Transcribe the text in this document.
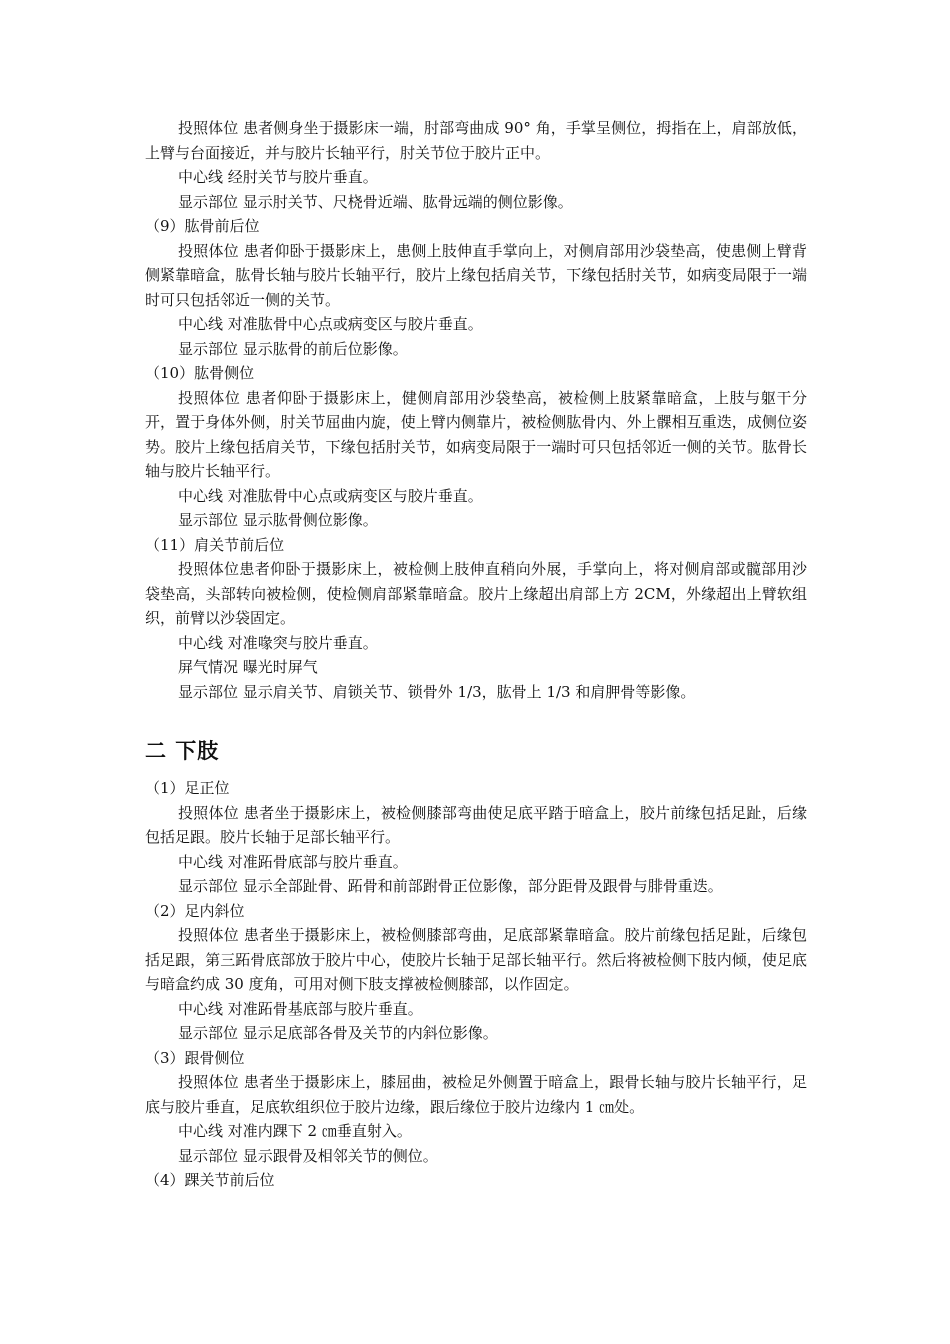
投照体位 患者侧身坐于摄影床一端，肘部弯曲成 90° 角，手掌呈侧位，拇指在上，肩部放低，上臂与台面接近，并与胶片长轴平行，肘关节位于胶片正中。

中心线 经肘关节与胶片垂直。

显示部位 显示肘关节、尺桡骨近端、肱骨远端的侧位影像。

（9）肱骨前后位

投照体位 患者仰卧于摄影床上，患侧上肢伸直手掌向上，对侧肩部用沙袋垫高，使患侧上臂背侧紧靠暗盒，肱骨长轴与胶片长轴平行，胶片上缘包括肩关节，下缘包括肘关节，如病变局限于一端时可只包括邻近一侧的关节。

中心线 对准肱骨中心点或病变区与胶片垂直。

显示部位 显示肱骨的前后位影像。

（10）肱骨侧位

投照体位 患者仰卧于摄影床上，健侧肩部用沙袋垫高，被检侧上肢紧靠暗盒，上肢与躯干分开，置于身体外侧，肘关节屈曲内旋，使上臂内侧靠片，被检侧肱骨内、外上髁相互重迭，成侧位姿势。胶片上缘包括肩关节，下缘包括肘关节，如病变局限于一端时可只包括邻近一侧的关节。肱骨长轴与胶片长轴平行。

中心线 对准肱骨中心点或病变区与胶片垂直。

显示部位 显示肱骨侧位影像。

（11）肩关节前后位

投照体位患者仰卧于摄影床上，被检侧上肢伸直稍向外展，手掌向上，将对侧肩部或髋部用沙袋垫高，头部转向被检侧，使检侧肩部紧靠暗盒。胶片上缘超出肩部上方 2CM，外缘超出上臂软组织，前臂以沙袋固定。

中心线 对准喙突与胶片垂直。

屏气情况 曝光时屏气

显示部位 显示肩关节、肩锁关节、锁骨外 1/3，肱骨上 1/3 和肩胛骨等影像。

二 下肢

（1）足正位

投照体位 患者坐于摄影床上，被检侧膝部弯曲使足底平踏于暗盒上，胶片前缘包括足趾，后缘包括足跟。胶片长轴于足部长轴平行。

中心线 对准跖骨底部与胶片垂直。

显示部位 显示全部趾骨、跖骨和前部跗骨正位影像，部分距骨及跟骨与腓骨重迭。

（2）足内斜位

投照体位 患者坐于摄影床上，被检侧膝部弯曲，足底部紧靠暗盒。胶片前缘包括足趾，后缘包括足跟，第三跖骨底部放于胶片中心，使胶片长轴于足部长轴平行。然后将被检侧下肢内倾，使足底与暗盒约成 30 度角，可用对侧下肢支撑被检侧膝部，以作固定。

中心线 对准跖骨基底部与胶片垂直。

显示部位 显示足底部各骨及关节的内斜位影像。

（3）跟骨侧位

投照体位 患者坐于摄影床上，膝屈曲，被检足外侧置于暗盒上，跟骨长轴与胶片长轴平行，足底与胶片垂直，足底软组织位于胶片边缘，跟后缘位于胶片边缘内 1 ㎝处。

中心线 对准内踝下 2 ㎝垂直射入。

显示部位 显示跟骨及相邻关节的侧位。

（4）踝关节前后位
